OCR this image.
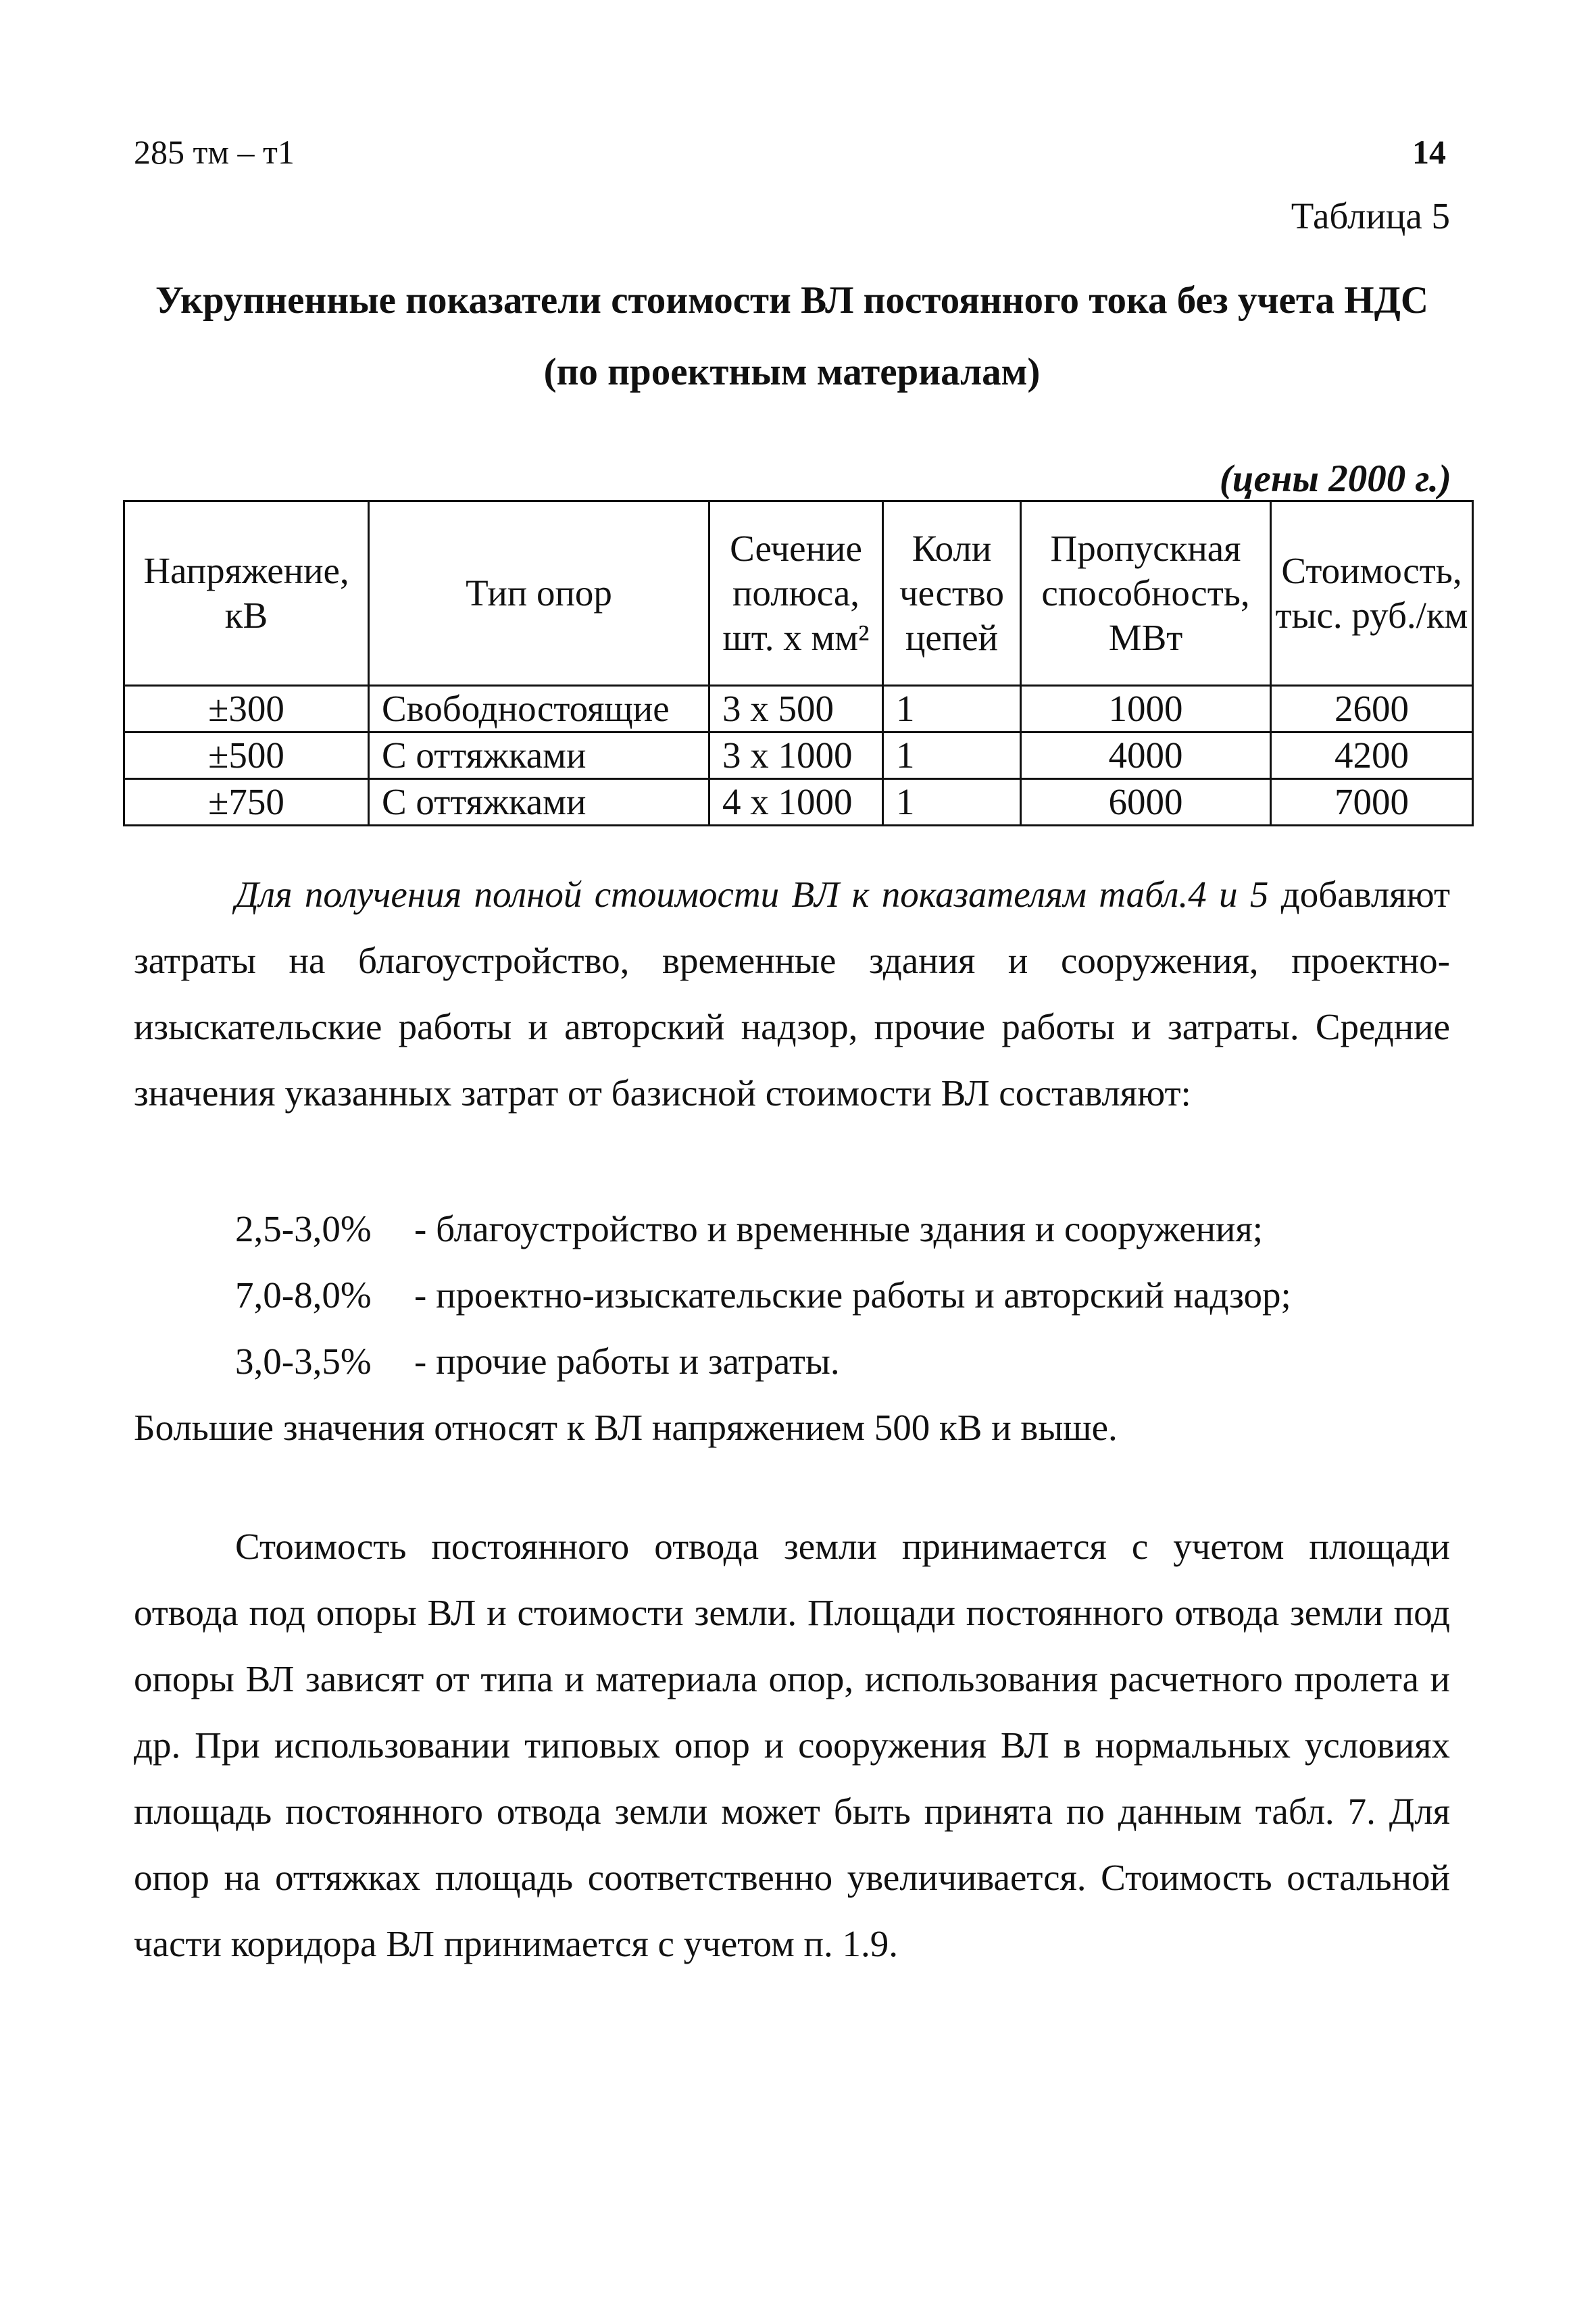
285 тм – т1	14
Таблица 5
Укрупненные показатели стоимости ВЛ постоянного тока без учета НДС
(по проектным материалам)
(цены 2000 г.)
Напряжение, кВ	Тип опор	Сечение полюса, шт. х мм²	Коли чество цепей	Пропускная способность, МВт	Стоимость, тыс. руб./км
±300	Свободностоящие	3 х 500	1	1000	2600
±500	С оттяжками	3 х 1000	1	4000	4200
±750	С оттяжками	4 х 1000	1	6000	7000
Для получения полной стоимости ВЛ к показателям табл.4 и 5 добавляют затраты на благоустройство, временные здания и сооружения, проектно-изыскательские работы и авторский надзор, прочие работы и затраты. Средние значения указанных затрат от базисной стоимости ВЛ составляют:
2,5-3,0% - благоустройство и временные здания и сооружения;
7,0-8,0% - проектно-изыскательские работы и авторский надзор;
3,0-3,5% - прочие работы и затраты.
Большие значения относят к ВЛ напряжением 500 кВ и выше.
Стоимость постоянного отвода земли принимается с учетом площади отвода под опоры ВЛ и стоимости земли. Площади постоянного отвода земли под опоры ВЛ зависят от типа и материала опор, использования расчетного пролета и др. При использовании типовых опор и сооружения ВЛ в нормальных условиях площадь постоянного отвода земли может быть принята по данным табл. 7. Для опор на оттяжках площадь соответственно увеличивается. Стоимость остальной части коридора ВЛ принимается с учетом п. 1.9.
